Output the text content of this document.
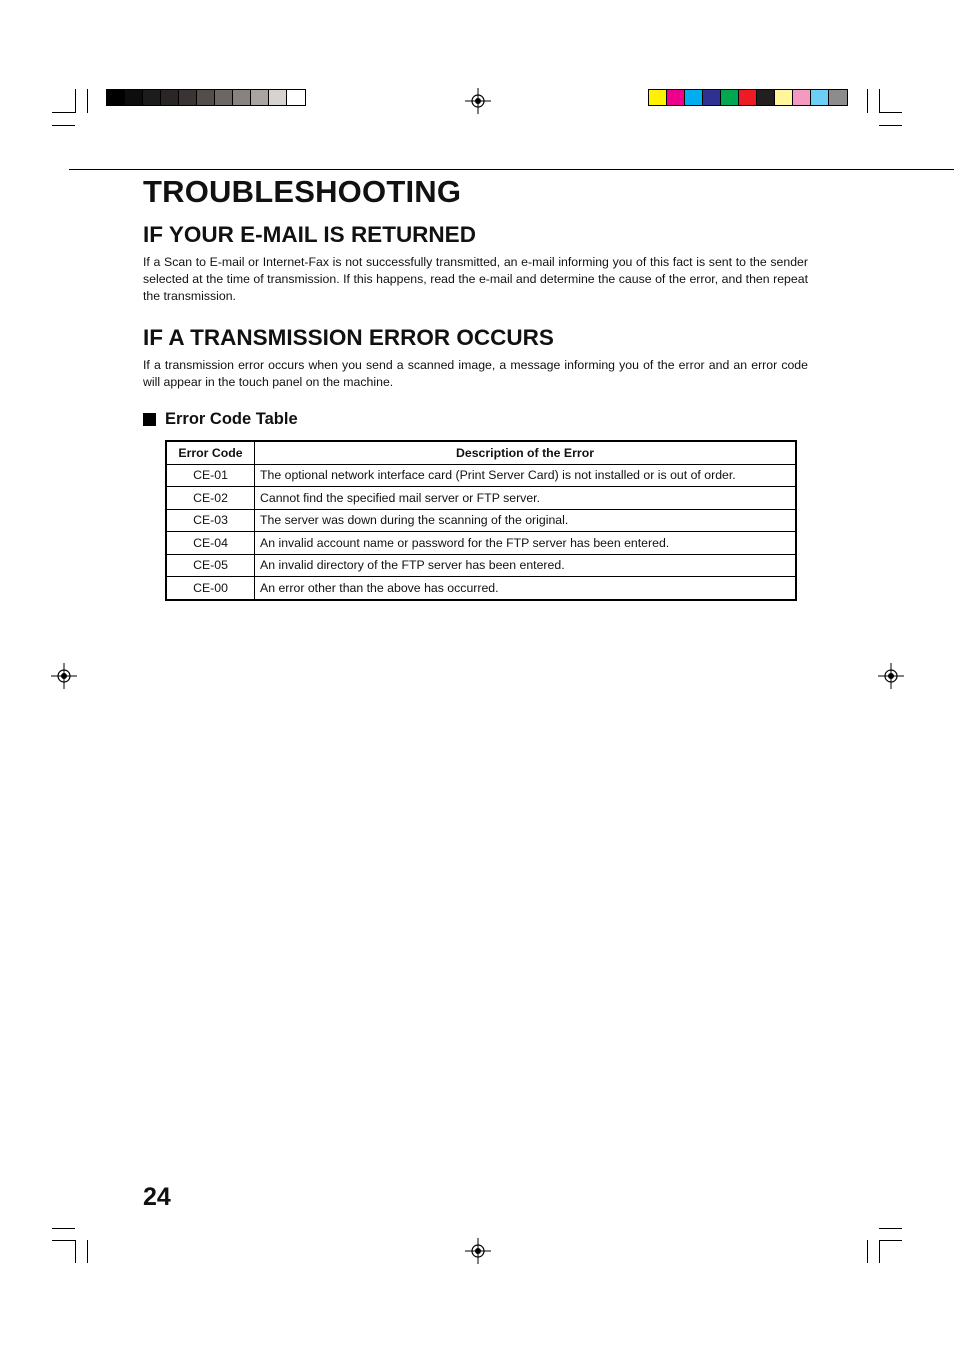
TROUBLESHOOTING
IF YOUR E-MAIL IS RETURNED

If a Scan to E-mail or Internet-Fax is not successfully transmitted, an e-mail informing you of this fact is sent to the sender selected at the time of transmission. If this happens, read the e-mail and determine the cause of the error, and then repeat the transmission.

IF A TRANSMISSION ERROR OCCURS

If a transmission error occurs when you send a scanned image, a message informing you of the error and an error code will appear in the touch panel on the machine.

Error Code Table
Error Code	Description of the Error
CE-01	The optional network interface card (Print Server Card) is not installed or is out of order.
CE-02	Cannot find the specified mail server or FTP server.
CE-03	The server was down during the scanning of the original.
CE-04	An invalid account name or password for the FTP server has been entered.
CE-05	An invalid directory of the FTP server has been entered.
CE-00	An error other than the above has occurred.
24
